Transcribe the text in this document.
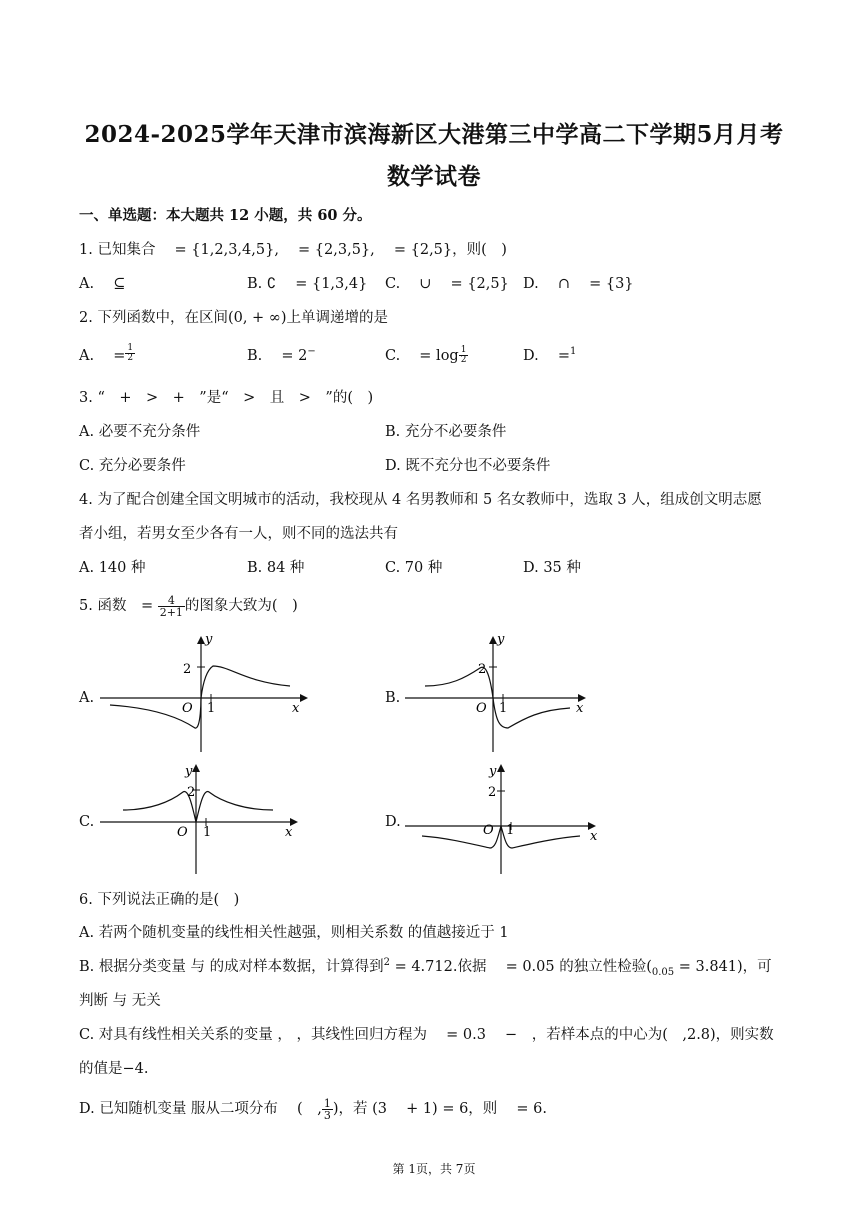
2024-2025学年天津市滨海新区大港第三中学高二下学期5月月考
数学试卷
一、单选题：本大题共 12 小题，共 60 分。
1. 已知集合 　= {1,2,3,4,5}, 　= {2,3,5}, 　= {2,5}，则(　)
A. 　⊆	B. ∁ 　= {1,3,4} C. 　∪ 　= {2,5} D. 　∩ 　= {3}
2. 下列函数中，在区间(0, + ∞)上单调递增的是
A. 　= $^{\frac{1}{2}}$	B. 　= 2−	C. 　= $\log \frac{1}{2}$	D. 　=$^1$
3. “　+　>　+　”是“　>　且　>　”的(　)
A. 必要不充分条件	B. 充分不必要条件
C. 充分必要条件	D. 既不充分也不必要条件
4. 为了配合创建全国文明城市的活动，我校现从 4 名男教师和 5 名女教师中，选取 3 人，组成创文明志愿
者小组，若男女至少各有一人，则不同的选法共有
A. 140 种	B. 84 种	C. 70 种	D. 35 种
5. 函数　= $\frac{4}{2+1}$ 的图象大致为(　)
A.	B.
C.	D.
y
2
O 1	x
y
2
O 1	x
y
2
O 1	x
y
2
O 1	x
6. 下列说法正确的是(　)
A. 若两个随机变量的线性相关性越强，则相关系数 的值越接近于 1
B. 根据分类变量 与 的成对样本数据，计算得到$^2$ = 4.712.依据 　= 0.05 的独立性检验$(_{0.05} = 3.841)$，可
判断 与 无关
C. 对具有线性相关关系的变量 ， ，其线性回归方程为 　= 0.3 　−　，若样本点的中心为(　,2.8)，则实数
的值是−4.
D. 已知随机变量 服从二项分布 　(　, $\frac{1}{3}$ )，若 (3 　+ 1) = 6，则 　= 6.
第 1页，共 7页
